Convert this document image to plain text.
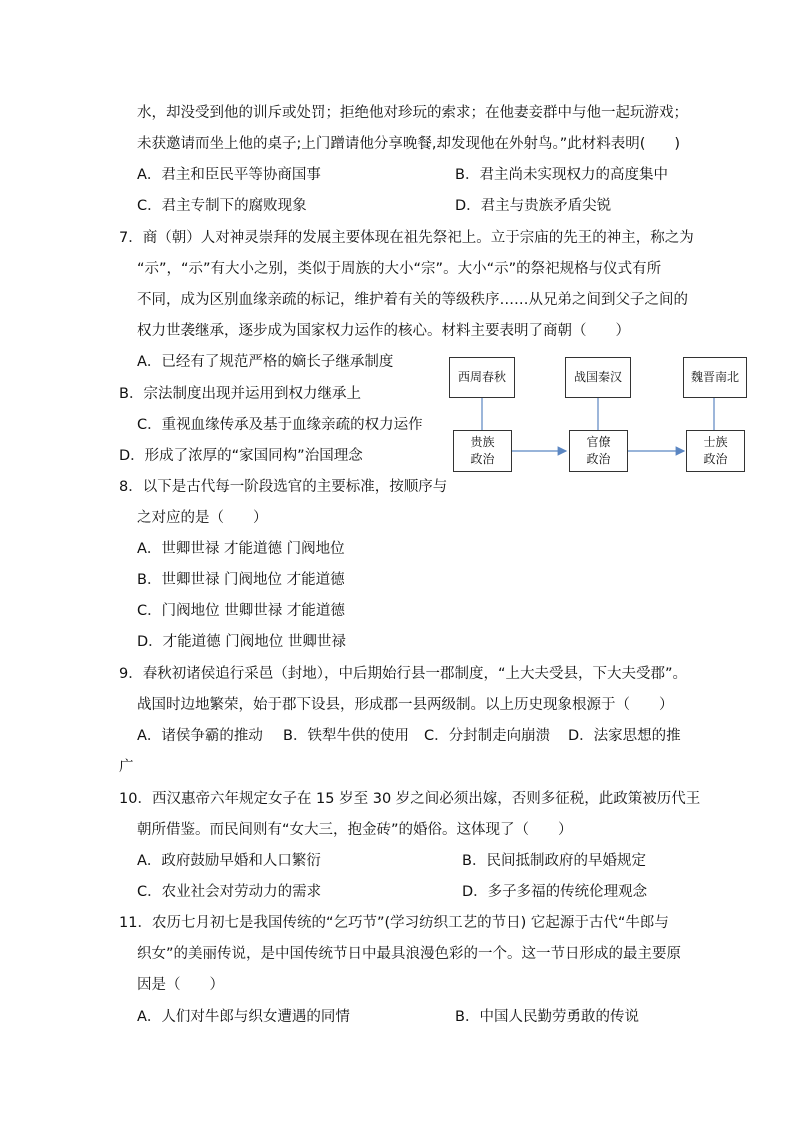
水，却没受到他的训斥或处罚；拒绝他对珍玩的索求；在他妻妾群中与他一起玩游戏；
未获邀请而坐上他的桌子;上门蹭请他分享晚餐,却发现他在外射鸟。”此材料表明(　　)
A．君主和臣民平等协商国事	B．君主尚未实现权力的高度集中
C．君主专制下的腐败现象	D．君主与贵族矛盾尖锐
7．商（朝）人对神灵崇拜的发展主要体现在祖先祭祀上。立于宗庙的先王的神主，称之为
“示”，“示”有大小之别，类似于周族的大小“宗”。大小“示”的祭祀规格与仪式有所
不同，成为区别血缘亲疏的标记，维护着有关的等级秩序……从兄弟之间到父子之间的
权力世袭继承，逐步成为国家权力运作的核心。材料主要表明了商朝（　　）
A．已经有了规范严格的嫡长子继承制度
B．宗法制度出现并运用到权力继承上
C．重视血缘传承及基于血缘亲疏的权力运作
D．形成了浓厚的“家国同构”治国理念
西周春秋	战国秦汉	魏晋南北
贵族
政治
官僚
政治
士族
政治
8．以下是古代每一阶段选官的主要标准，按顺序与
之对应的是（　　）
A．世卿世禄 才能道德 门阀地位
B．世卿世禄 门阀地位 才能道德
C．门阀地位 世卿世禄 才能道德
D．才能道德 门阀地位 世卿世禄
9．春秋初诸侯追行采邑（封地），中后期始行县一郡制度，“上大夫受县，下大夫受郡”。
战国时边地繁荣，始于郡下设县，形成郡一县两级制。以上历史现象根源于（　　）
A．诸侯争霸的推动 B．铁犁牛供的使用 C．分封制走向崩溃 D．法家思想的推
广
10．西汉惠帝六年规定女子在 15 岁至 30 岁之间必须出嫁，否则多征税，此政策被历代王
朝所借鉴。而民间则有“女大三，抱金砖”的婚俗。这体现了（　　）
A．政府鼓励早婚和人口繁衍	B．民间抵制政府的早婚规定
C．农业社会对劳动力的需求	D．多子多福的传统伦理观念
11．农历七月初七是我国传统的“乞巧节”(学习纺织工艺的节日) 它起源于古代“牛郎与
织女”的美丽传说，是中国传统节日中最具浪漫色彩的一个。这一节日形成的最主要原
因是（　　）
A．人们对牛郎与织女遭遇的同情	B．中国人民勤劳勇敢的传说
